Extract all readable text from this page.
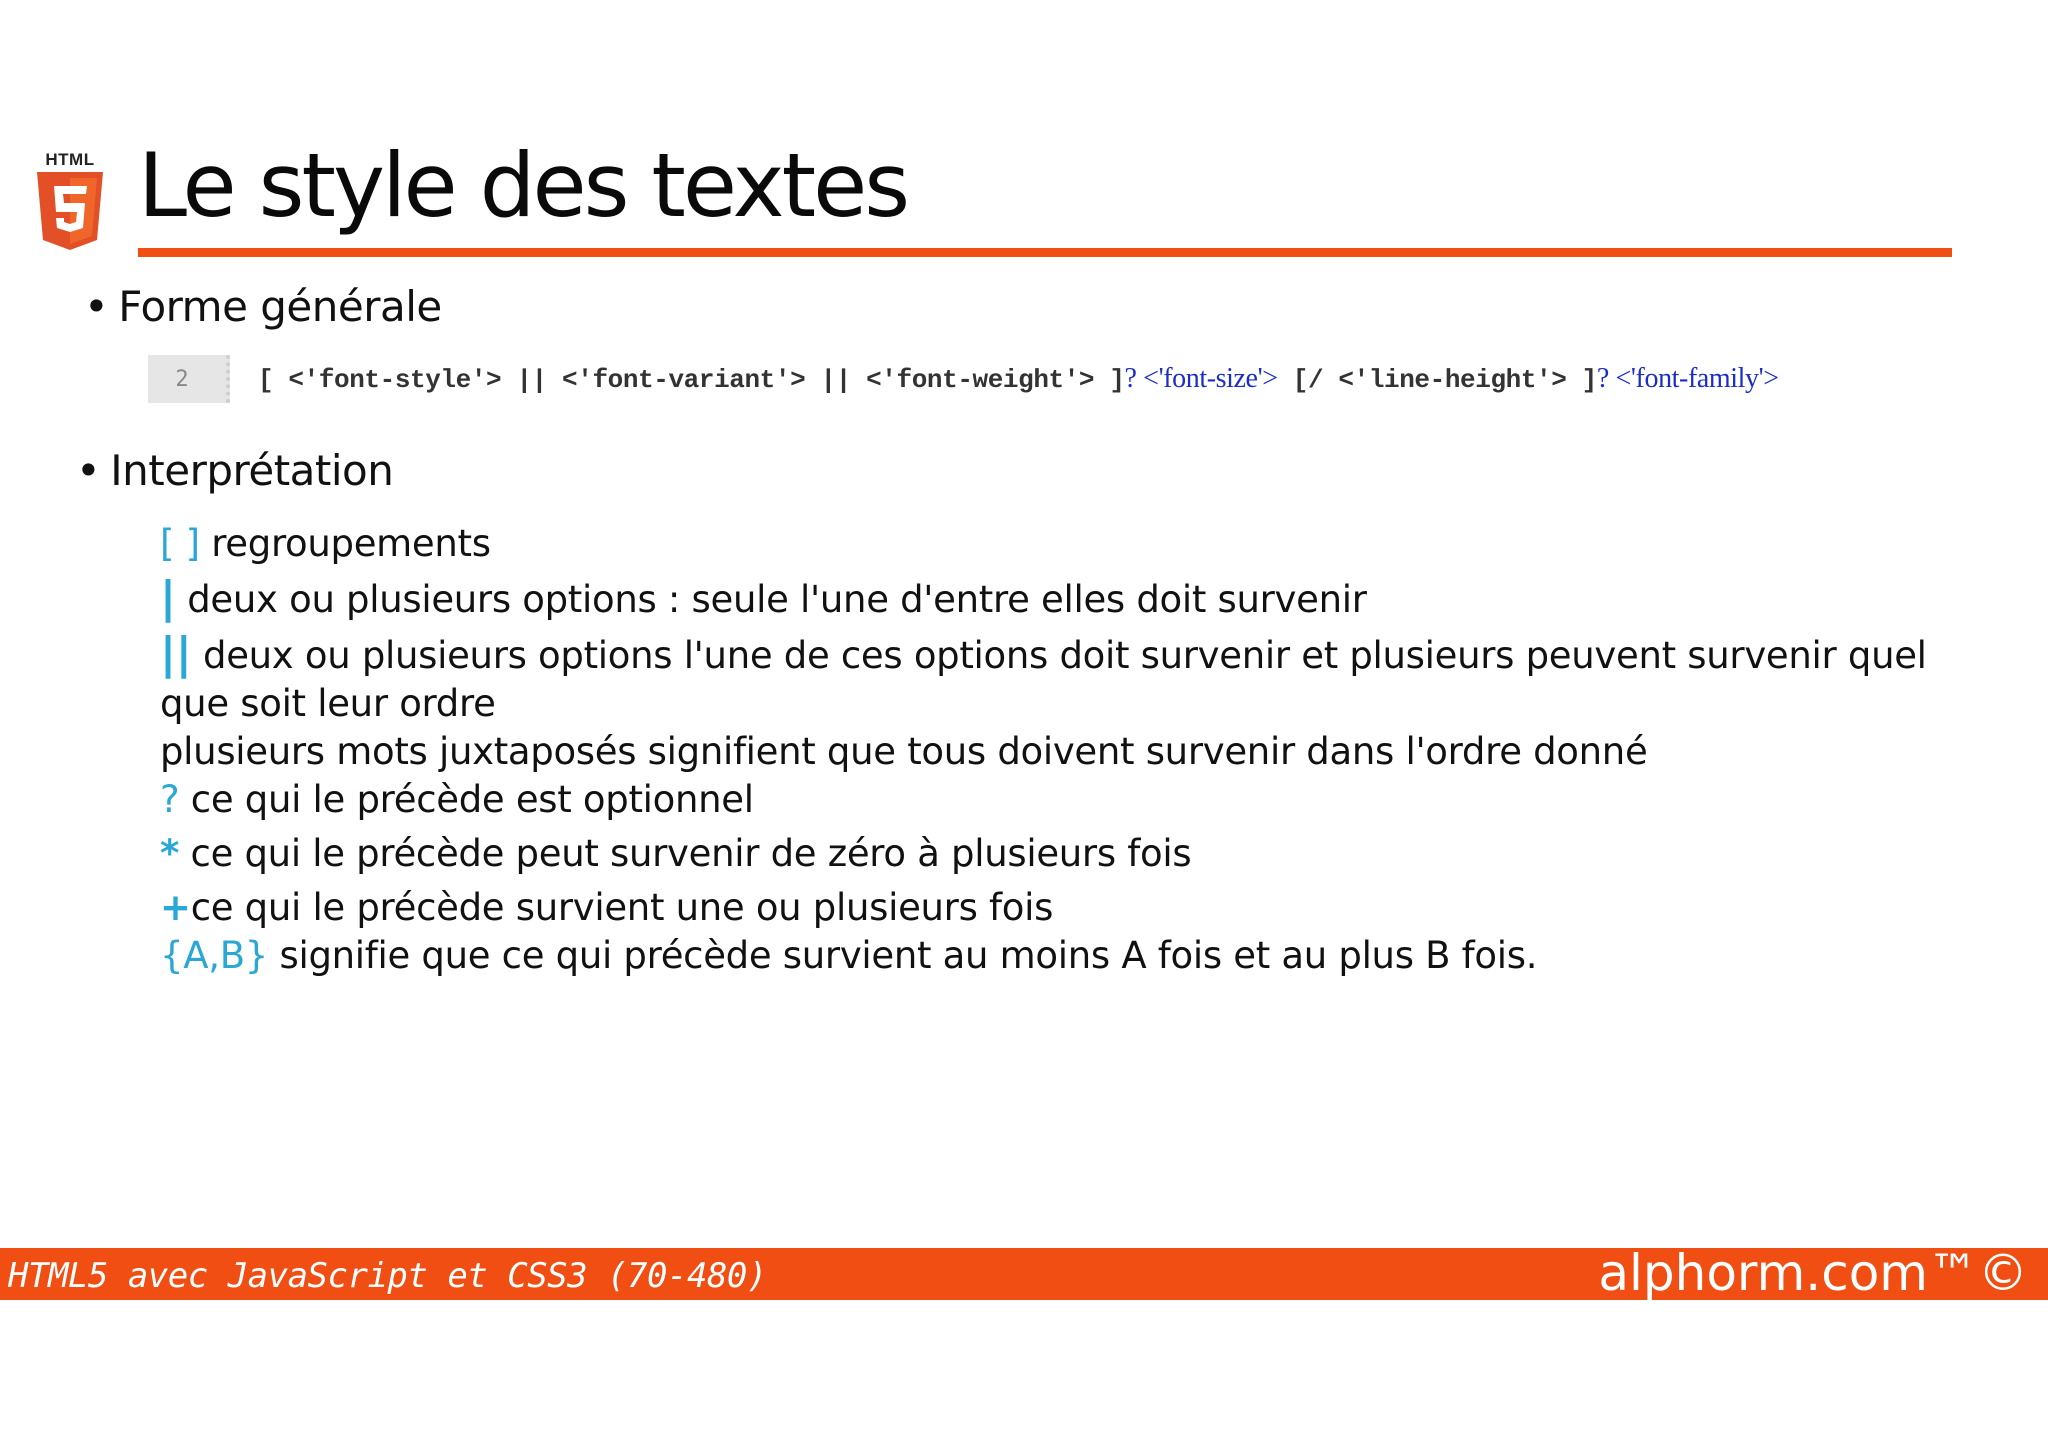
HTML Le style des textes
• Forme générale
2	[ <'font-style'> || <'font-variant'> || <'font-weight'> ]? <'font-size'> [/ <'line-height'> ]? <'font-family'>
• Interprétation
[ ] regroupements
| deux ou plusieurs options : seule l'une d'entre elles doit survenir
|| deux ou plusieurs options l'une de ces options doit survenir et plusieurs peuvent survenir quel que soit leur ordre
plusieurs mots juxtaposés signifient que tous doivent survenir dans l'ordre donné
? ce qui le précède est optionnel
* ce qui le précède peut survenir de zéro à plusieurs fois
+ce qui le précède survient une ou plusieurs fois
{A,B} signifie que ce qui précède survient au moins A fois et au plus B fois.
HTML5 avec JavaScript et CSS3 (70-480)	alphorm.com™©
